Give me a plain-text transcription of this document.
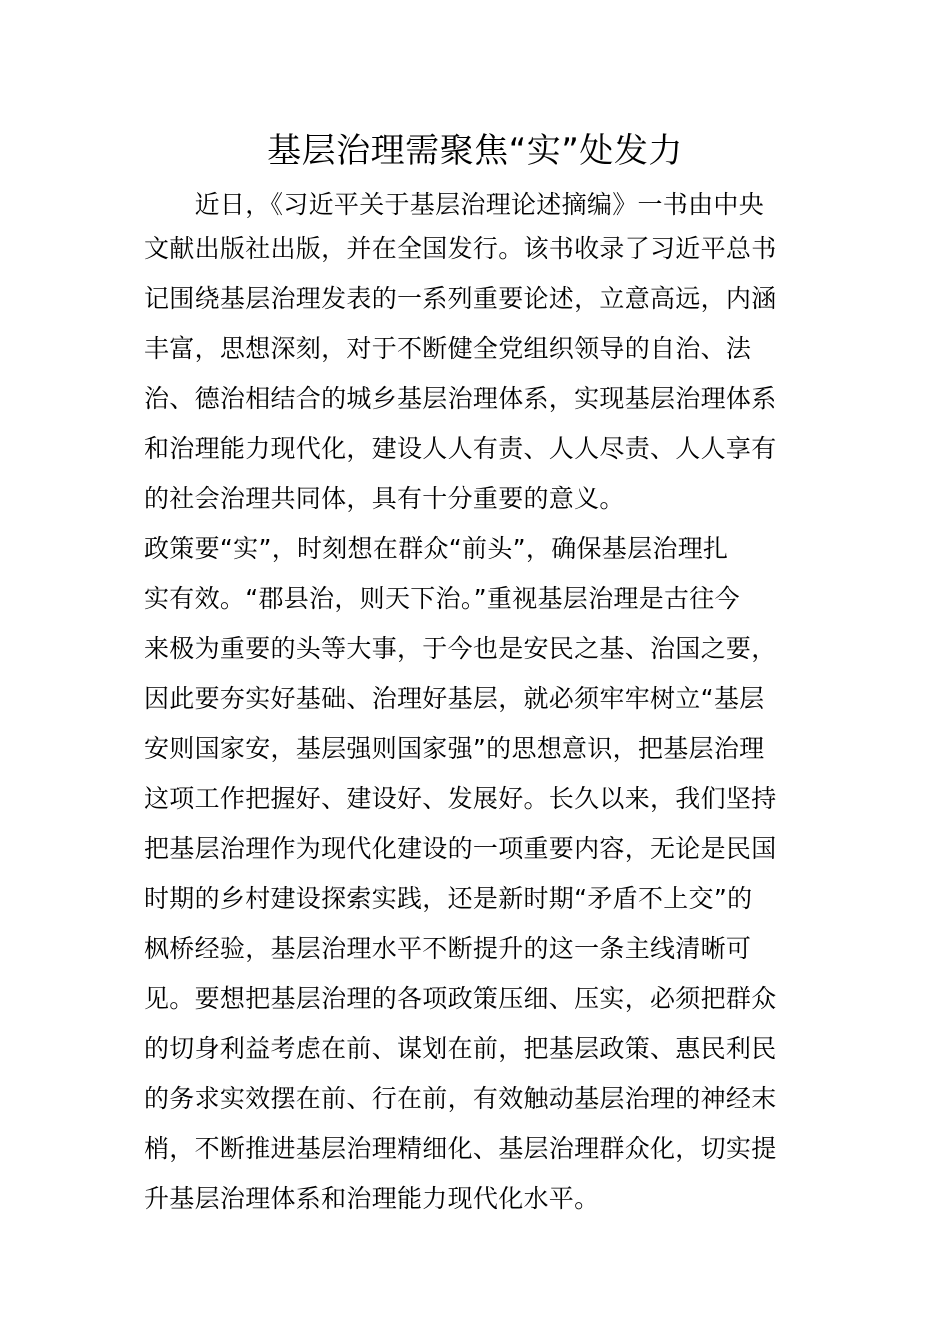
基层治理需聚焦“实”处发力
　　近日，《习近平关于基层治理论述摘编》一书由中央
文献出版社出版，并在全国发行。该书收录了习近平总书
记围绕基层治理发表的一系列重要论述，立意高远，内涵
丰富，思想深刻，对于不断健全党组织领导的自治、法
治、德治相结合的城乡基层治理体系，实现基层治理体系
和治理能力现代化，建设人人有责、人人尽责、人人享有
的社会治理共同体，具有十分重要的意义。
政策要“实”，时刻想在群众“前头”，确保基层治理扎
实有效。“郡县治，则天下治。”重视基层治理是古往今
来极为重要的头等大事，于今也是安民之基、治国之要，
因此要夯实好基础、治理好基层，就必须牢牢树立“基层
安则国家安，基层强则国家强”的思想意识，把基层治理
这项工作把握好、建设好、发展好。长久以来，我们坚持
把基层治理作为现代化建设的一项重要内容，无论是民国
时期的乡村建设探索实践，还是新时期“矛盾不上交”的
枫桥经验，基层治理水平不断提升的这一条主线清晰可
见。要想把基层治理的各项政策压细、压实，必须把群众
的切身利益考虑在前、谋划在前，把基层政策、惠民利民
的务求实效摆在前、行在前，有效触动基层治理的神经末
梢，不断推进基层治理精细化、基层治理群众化，切实提
升基层治理体系和治理能力现代化水平。
